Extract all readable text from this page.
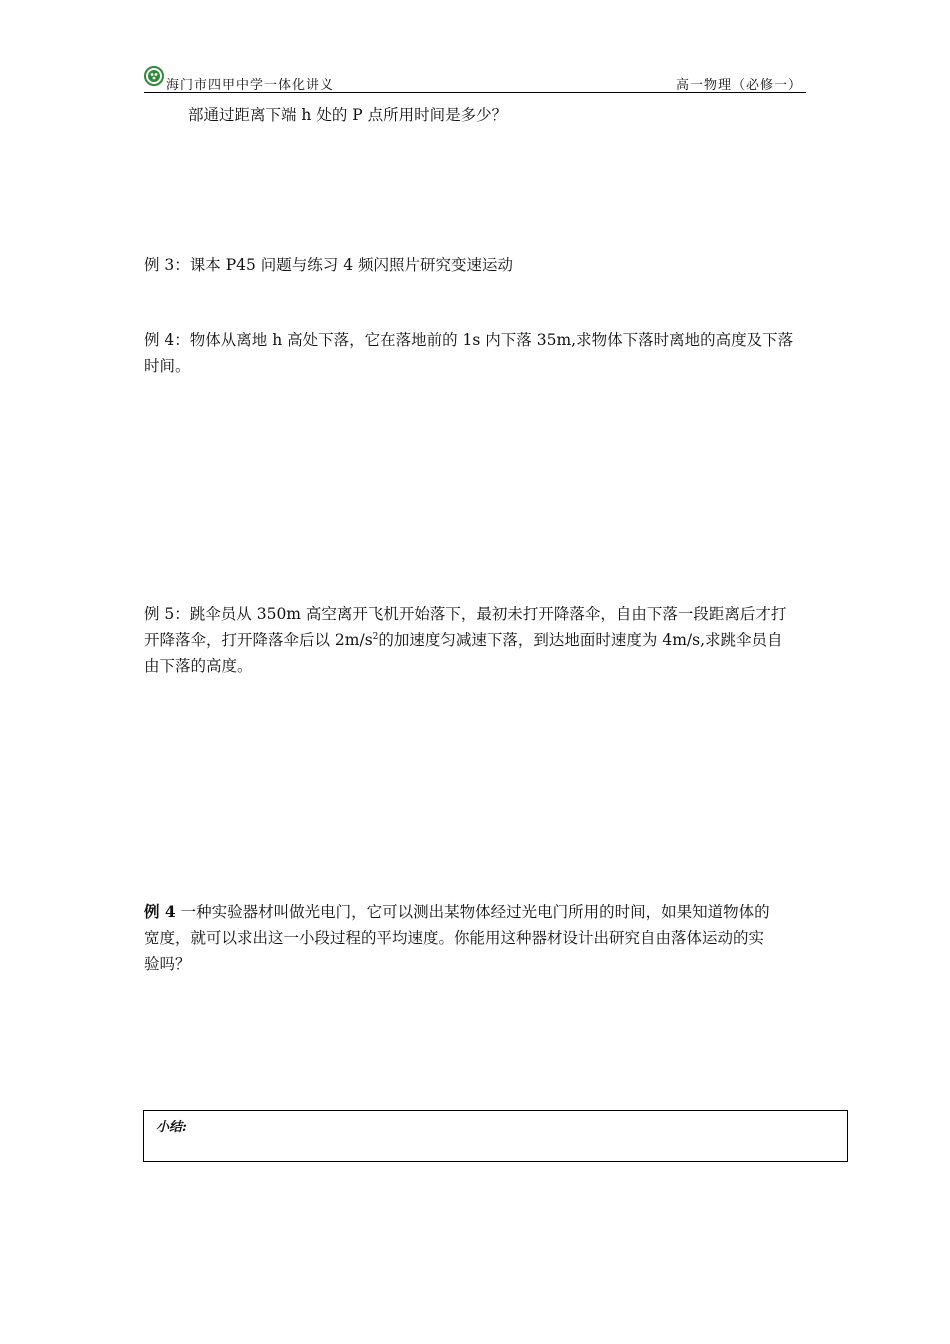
海门市四甲中学一体化讲义	高一物理（必修一）
部通过距离下端 h 处的 P 点所用时间是多少？
例 3：课本 P45 问题与练习 4 频闪照片研究变速运动
例 4：物体从离地 h 高处下落，它在落地前的 1s 内下落 35m,求物体下落时离地的高度及下落
时间。
例 5：跳伞员从 350m 高空离开飞机开始落下，最初未打开降落伞，自由下落一段距离后才打
开降落伞，打开降落伞后以 $2m/s^2$的加速度匀减速下落，到达地面时速度为 4m/s,求跳伞员自
由下落的高度。
例 4 一种实验器材叫做光电门，它可以测出某物体经过光电门所用的时间，如果知道物体的
宽度，就可以求出这一小段过程的平均速度。你能用这种器材设计出研究自由落体运动的实
验吗？
小结:
